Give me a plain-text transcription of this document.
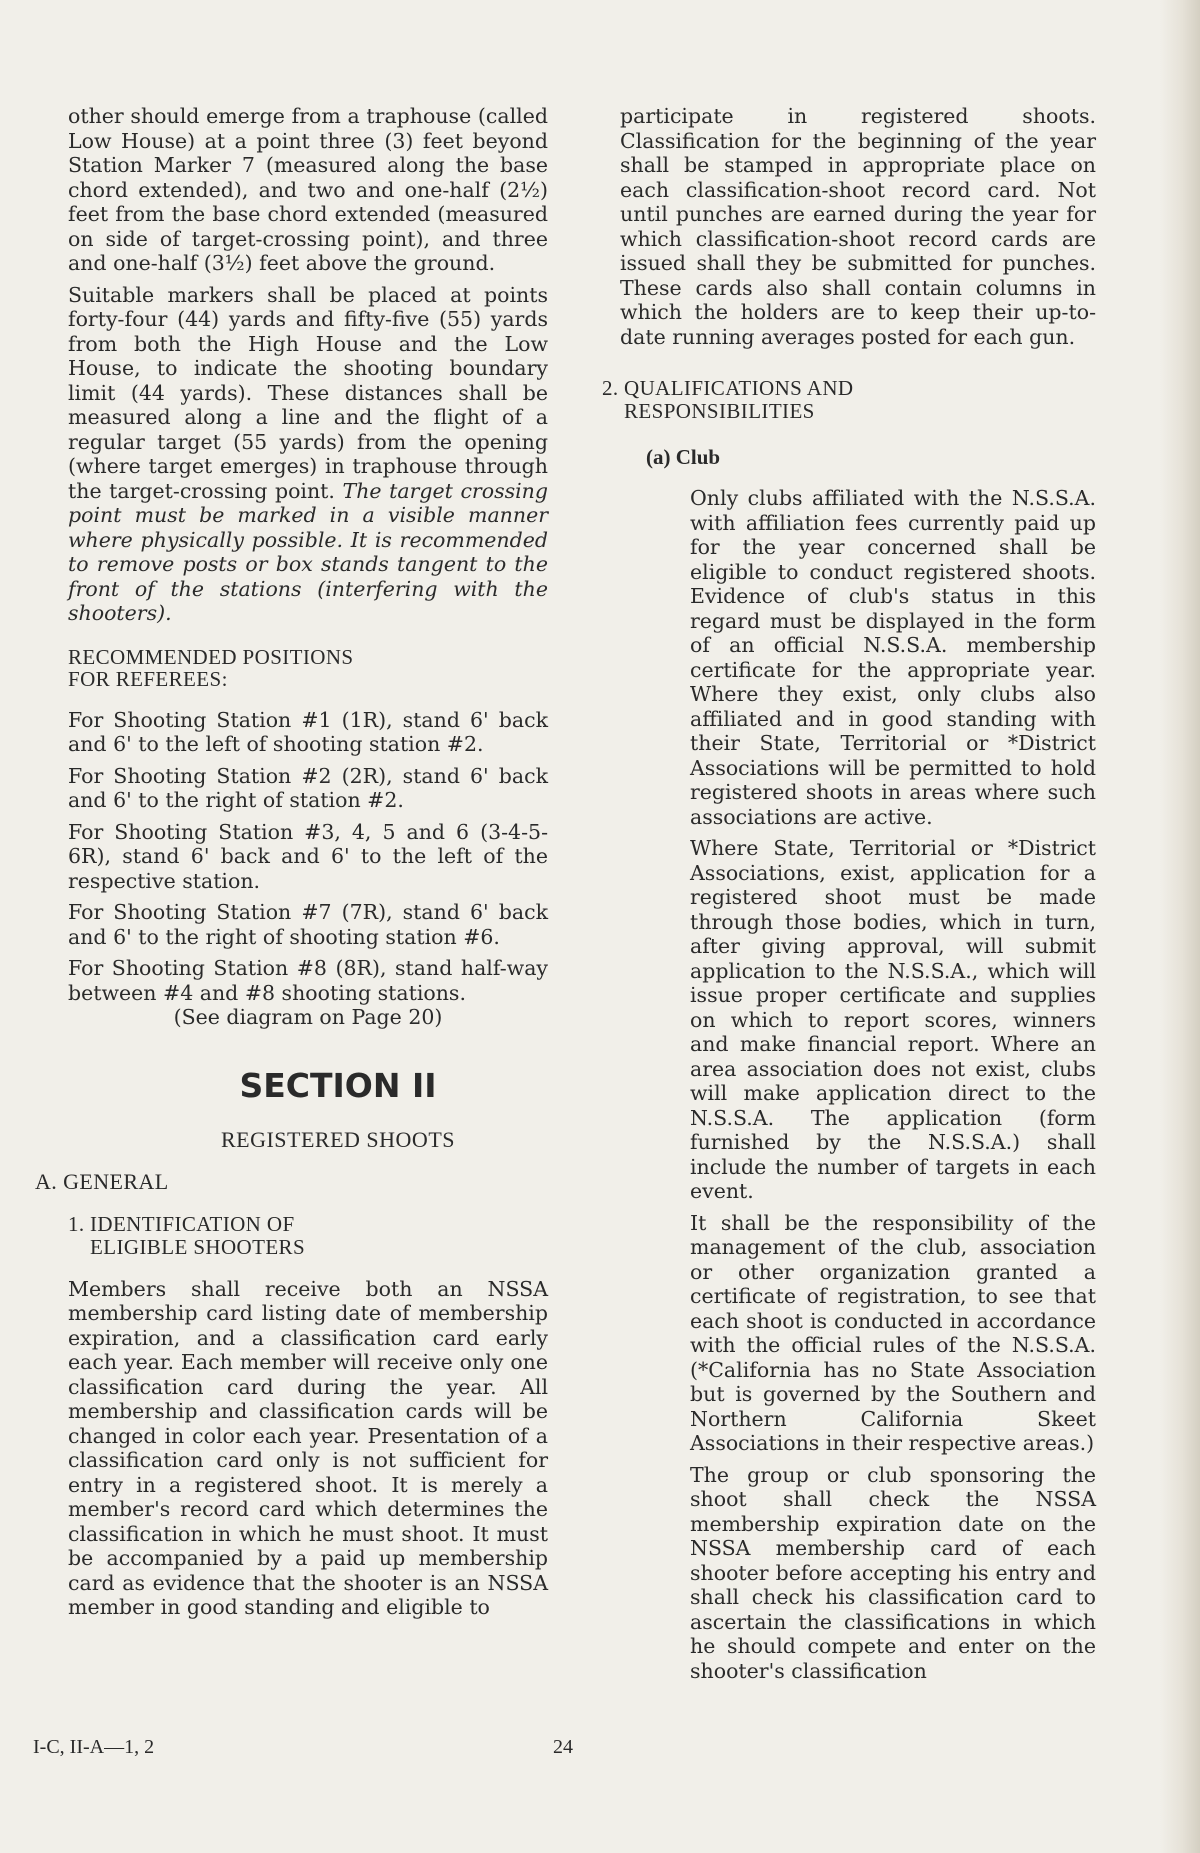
other should emerge from a traphouse (called Low House) at a point three (3) feet beyond Station Marker 7 (measured along the base chord extended), and two and one-half (2½) feet from the base chord extended (measured on side of target-crossing point), and three and one-half (3½) feet above the ground.

Suitable markers shall be placed at points forty-four (44) yards and fifty-five (55) yards from both the High House and the Low House, to indicate the shooting boundary limit (44 yards). These distances shall be measured along a line and the flight of a regular target (55 yards) from the opening (where target emerges) in traphouse through the target-crossing point. The target crossing point must be marked in a visible manner where physically possible. It is recommended to remove posts or box stands tangent to the front of the stations (interfering with the shooters).

RECOMMENDED POSITIONS
FOR REFEREES:

For Shooting Station #1 (1R), stand 6' back and 6' to the left of shooting station #2.

For Shooting Station #2 (2R), stand 6' back and 6' to the right of station #2.

For Shooting Station #3, 4, 5 and 6 (3-4-5-6R), stand 6' back and 6' to the left of the respective station.

For Shooting Station #7 (7R), stand 6' back and 6' to the right of shooting station #6.

For Shooting Station #8 (8R), stand half-way between #4 and #8 shooting stations.

(See diagram on Page 20)

SECTION II
REGISTERED SHOOTS
A. GENERAL
1. IDENTIFICATION OF
ELIGIBLE SHOOTERS

Members shall receive both an NSSA membership card listing date of membership expiration, and a classification card early each year. Each member will receive only one classification card during the year. All membership and classification cards will be changed in color each year. Presentation of a classification card only is not sufficient for entry in a registered shoot. It is merely a member's record card which determines the classification in which he must shoot. It must be accompanied by a paid up membership card as evidence that the shooter is an NSSA member in good standing and eligible to

participate in registered shoots. Classification for the beginning of the year shall be stamped in appropriate place on each classification-shoot record card. Not until punches are earned during the year for which classification-shoot record cards are issued shall they be submitted for punches. These cards also shall contain columns in which the holders are to keep their up-to-date running averages posted for each gun.

2. QUALIFICATIONS AND
RESPONSIBILITIES
(a) Club

Only clubs affiliated with the N.S.S.A. with affiliation fees currently paid up for the year concerned shall be eligible to conduct registered shoots. Evidence of club's status in this regard must be displayed in the form of an official N.S.S.A. membership certificate for the appropriate year. Where they exist, only clubs also affiliated and in good standing with their State, Territorial or *District Associations will be permitted to hold registered shoots in areas where such associations are active.

Where State, Territorial or *District Associations, exist, application for a registered shoot must be made through those bodies, which in turn, after giving approval, will submit application to the N.S.S.A., which will issue proper certificate and supplies on which to report scores, winners and make financial report. Where an area association does not exist, clubs will make application direct to the N.S.S.A. The application (form furnished by the N.S.S.A.) shall include the number of targets in each event.

It shall be the responsibility of the management of the club, association or other organization granted a certificate of registration, to see that each shoot is conducted in accordance with the official rules of the N.S.S.A. (*California has no State Association but is governed by the Southern and Northern California Skeet Associations in their respective areas.)

The group or club sponsoring the shoot shall check the NSSA membership expiration date on the NSSA membership card of each shooter before accepting his entry and shall check his classification card to ascertain the classifications in which he should compete and enter on the shooter's classification

I-C, II-A—1, 2	24
